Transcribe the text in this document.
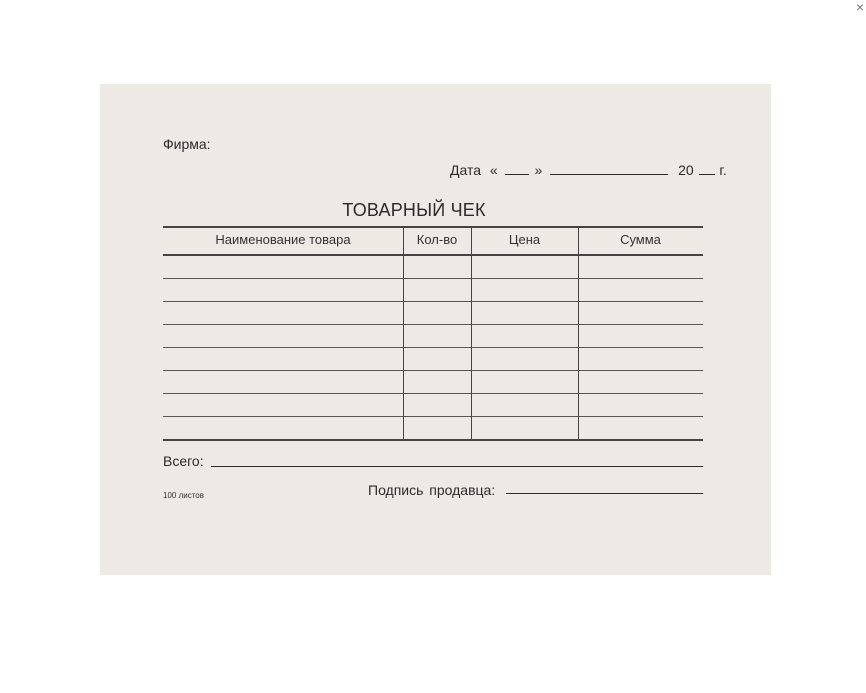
×
Фирма:
Дата «	»	20 г.
ТОВАРНЫЙ ЧЕК
Наименование товара	Кол-во	Цена	Сумма
Всего:
100 листов	Подпись продавца:
